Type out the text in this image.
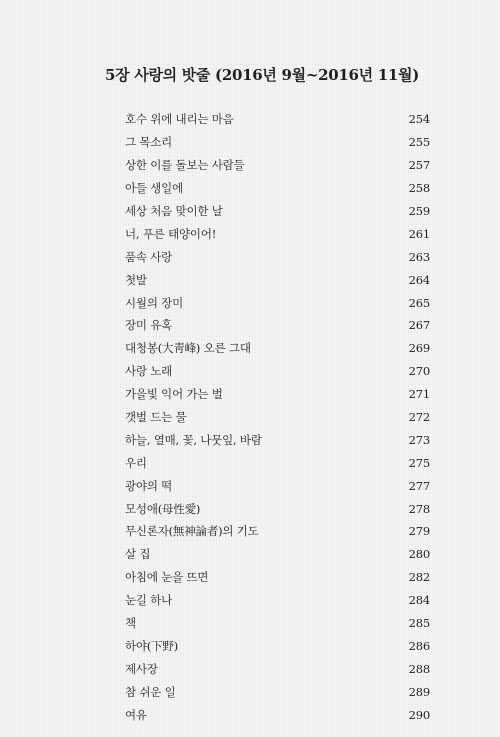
5장 사랑의 밧줄 (2016년 9월~2016년 11월)
호수 위에 내리는 마음	254
그 목소리	255
상한 이를 돌보는 사람들	257
아들 생일에	258
세상 처음 맞이한 날	259
너, 푸른 태양이어!	261
품속 사랑	263
첫발	264
시월의 장미	265
장미 유혹	267
대청봉(大靑峰) 오른 그대	269
사랑 노래	270
가을빛 익어 가는 벌	271
갯벌 드는 물	272
하늘, 열매, 꽃, 나뭇잎, 바람	273
우리	275
광야의 떡	277
모성애(母性愛)	278
무신론자(無神論者)의 기도	279
살 집	280
아침에 눈을 뜨면	282
눈길 하나	284
책	285
하야(下野)	286
제사장	288
참 쉬운 일	289
여유	290
